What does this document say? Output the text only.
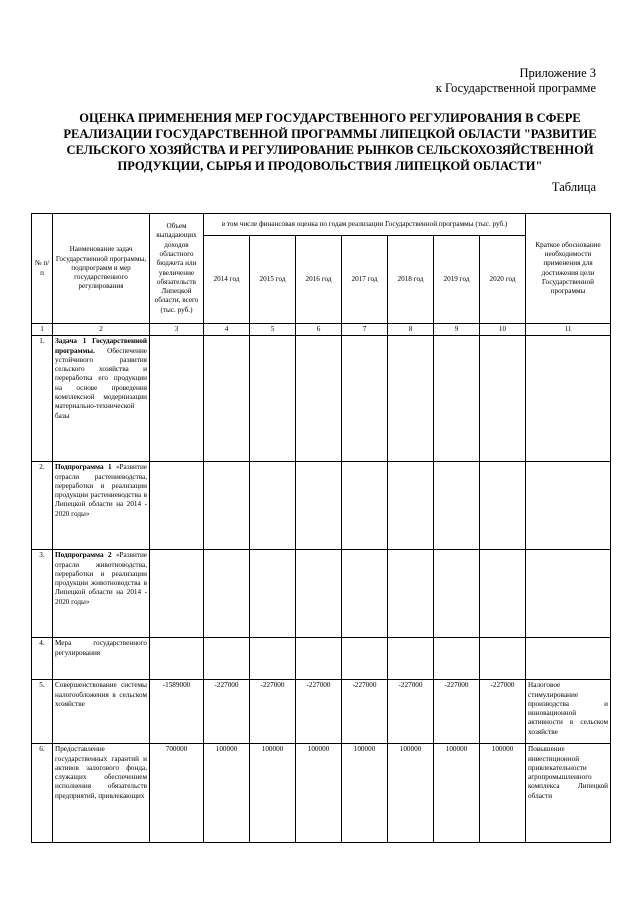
Приложение 3
к Государственной программе
ОЦЕНКА ПРИМЕНЕНИЯ МЕР ГОСУДАРСТВЕННОГО РЕГУЛИРОВАНИЯ В СФЕРЕ РЕАЛИЗАЦИИ ГОСУДАРСТВЕННОЙ ПРОГРАММЫ ЛИПЕЦКОЙ ОБЛАСТИ "РАЗВИТИЕ СЕЛЬСКОГО ХОЗЯЙСТВА И РЕГУЛИРОВАНИЕ РЫНКОВ СЕЛЬСКОХОЗЯЙСТВЕННОЙ ПРОДУКЦИИ, СЫРЬЯ И ПРОДОВОЛЬСТВИЯ ЛИПЕЦКОЙ ОБЛАСТИ"
Таблица
№ п/п	Наименование задач Государственной программы, подпрограмм и мер государственного регулирования	Объем выпадающих доходов областного бюджета или увеличение обязательств Липецкой области, всего (тыс. руб.)	в том числе финансовая оценка по годам реализации Государственной программы (тыс. руб.)							Краткое обоснование необходимости применения для достижения цели Государственной программы
			2014 год	2015 год	2016 год	2017 год	2018 год	2019 год	2020 год	
1	2	3	4	5	6	7	8	9	10	11
1.	Задача 1 Государственной программы. Обеспечение устойчивого развития сельского хозяйства и переработка его продукции на основе проведения комплексной модернизации материально-технической базы									
2.	Подпрограмма 1 «Развитие отрасли растениеводства, переработки и реализации продукции растениеводства в Липецкой области на 2014 - 2020 годы»									
3.	Подпрограмма 2 «Развитие отрасли животноводства, переработки и реализации продукции животноводства в Липецкой области на 2014 - 2020 годы»									
4.	Мера государственного регулирования									
5.	Совершенствование системы налогообложения в сельском хозяйстве	-1589000	-227000	-227000	-227000	-227000	-227000	-227000	-227000	Налоговое стимулирование производства и инновационной активности в сельском хозяйстве
6.	Предоставление государственных гарантий и активов залогового фонда, служащих обеспечением исполнения обязательств предприятий, привлекающих	700000	100000	100000	100000	100000	100000	100000	100000	Повышение инвестиционной привлекательности агропромышленного комплекса Липецкой области
